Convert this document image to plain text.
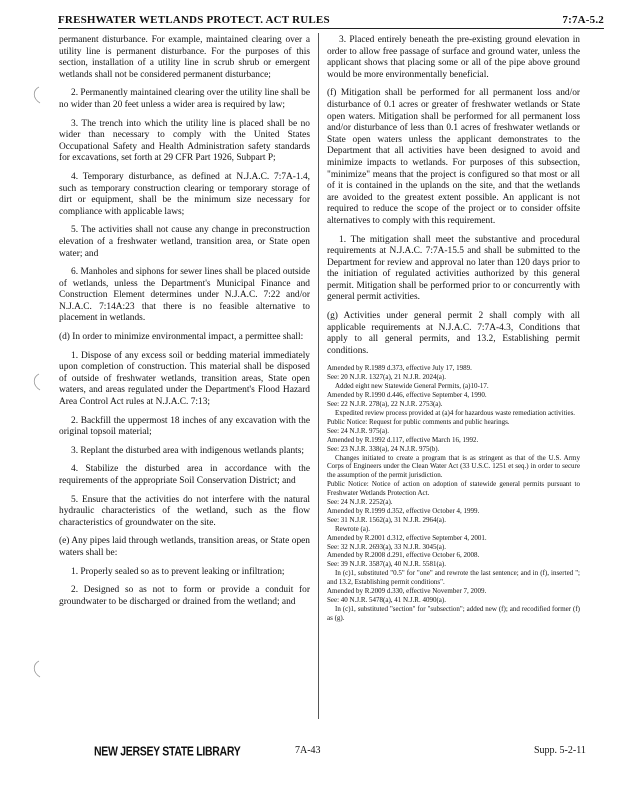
FRESHWATER WETLANDS PROTECT. ACT RULES	7:7A-5.2

permanent disturbance. For example, maintained clearing over a utility line is permanent disturbance. For the purposes of this section, installation of a utility line in scrub shrub or emergent wetlands shall not be considered permanent disturbance;

2. Permanently maintained clearing over the utility line shall be no wider than 20 feet unless a wider area is required by law;

3. The trench into which the utility line is placed shall be no wider than necessary to comply with the United States Occupational Safety and Health Administration safety standards for excavations, set forth at 29 CFR Part 1926, Subpart P;

4. Temporary disturbance, as defined at N.J.A.C. 7:7A-1.4, such as temporary construction clearing or temporary storage of dirt or equipment, shall be the minimum size necessary for compliance with applicable laws;

5. The activities shall not cause any change in preconstruction elevation of a freshwater wetland, transition area, or State open water; and

6. Manholes and siphons for sewer lines shall be placed outside of wetlands, unless the Department's Municipal Finance and Construction Element determines under N.J.A.C. 7:22 and/or N.J.A.C. 7:14A:23 that there is no feasible alternative to placement in wetlands.

(d) In order to minimize environmental impact, a permittee shall:

1. Dispose of any excess soil or bedding material immediately upon completion of construction. This material shall be disposed of outside of freshwater wetlands, transition areas, State open waters, and areas regulated under the Department's Flood Hazard Area Control Act rules at N.J.A.C. 7:13;

2. Backfill the uppermost 18 inches of any excavation with the original topsoil material;

3. Replant the disturbed area with indigenous wetlands plants;

4. Stabilize the disturbed area in accordance with the requirements of the appropriate Soil Conservation District; and

5. Ensure that the activities do not interfere with the natural hydraulic characteristics of the wetland, such as the flow characteristics of groundwater on the site.

(e) Any pipes laid through wetlands, transition areas, or State open waters shall be:

1. Properly sealed so as to prevent leaking or infiltration;

2. Designed so as not to form or provide a conduit for groundwater to be discharged or drained from the wetland; and

3. Placed entirely beneath the pre-existing ground elevation in order to allow free passage of surface and ground water, unless the applicant shows that placing some or all of the pipe above ground would be more environmentally beneficial.

(f) Mitigation shall be performed for all permanent loss and/or disturbance of 0.1 acres or greater of freshwater wetlands or State open waters. Mitigation shall be performed for all permanent loss and/or disturbance of less than 0.1 acres of freshwater wetlands or State open waters unless the applicant demonstrates to the Department that all activities have been designed to avoid and minimize impacts to wetlands. For purposes of this subsection, "minimize" means that the project is configured so that most or all of it is contained in the uplands on the site, and that the wetlands are avoided to the greatest extent possible. An applicant is not required to reduce the scope of the project or to consider offsite alternatives to comply with this requirement.

1. The mitigation shall meet the substantive and procedural requirements at N.J.A.C. 7:7A-15.5 and shall be submitted to the Department for review and approval no later than 120 days prior to the initiation of regulated activities authorized by this general permit. Mitigation shall be performed prior to or concurrently with general permit activities.

(g) Activities under general permit 2 shall comply with all applicable requirements at N.J.A.C. 7:7A-4.3, Conditions that apply to all general permits, and 13.2, Establishing permit conditions.

Amended by R.1989 d.373, effective July 17, 1989.

See: 20 N.J.R. 1327(a), 21 N.J.R. 2024(a).

Added eight new Statewide General Permits, (a)10-17.

Amended by R.1990 d.446, effective September 4, 1990.

See: 22 N.J.R. 278(a), 22 N.J.R. 2753(a).

Expedited review process provided at (a)4 for hazardous waste remediation activities.

Public Notice: Request for public comments and public hearings.

See: 24 N.J.R. 975(a).

Amended by R.1992 d.117, effective March 16, 1992.

See: 23 N.J.R. 338(a), 24 N.J.R. 975(b).

Changes initiated to create a program that is as stringent as that of the U.S. Army Corps of Engineers under the Clean Water Act (33 U.S.C. 1251 et seq.) in order to secure the assumption of the permit jurisdiction.

Public Notice: Notice of action on adoption of statewide general permits pursuant to Freshwater Wetlands Protection Act.

See: 24 N.J.R. 2252(a).

Amended by R.1999 d.352, effective October 4, 1999.

See: 31 N.J.R. 1562(a), 31 N.J.R. 2964(a).

Rewrote (a).

Amended by R.2001 d.312, effective September 4, 2001.

See: 32 N.J.R. 2693(a), 33 N.J.R. 3045(a).

Amended by R.2008 d.291, effective October 6, 2008.

See: 39 N.J.R. 3587(a), 40 N.J.R. 5581(a).

In (c)1, substituted "0.5" for "one" and rewrote the last sentence; and in (f), inserted "; and 13.2, Establishing permit conditions".

Amended by R.2009 d.330, effective November 7, 2009.

See: 40 N.J.R. 5478(a), 41 N.J.R. 4090(a).

In (c)1, substituted "section" for "subsection"; added new (f); and recodified former (f) as (g).

NEW JERSEY STATE LIBRARY	7A-43	Supp. 5-2-11
